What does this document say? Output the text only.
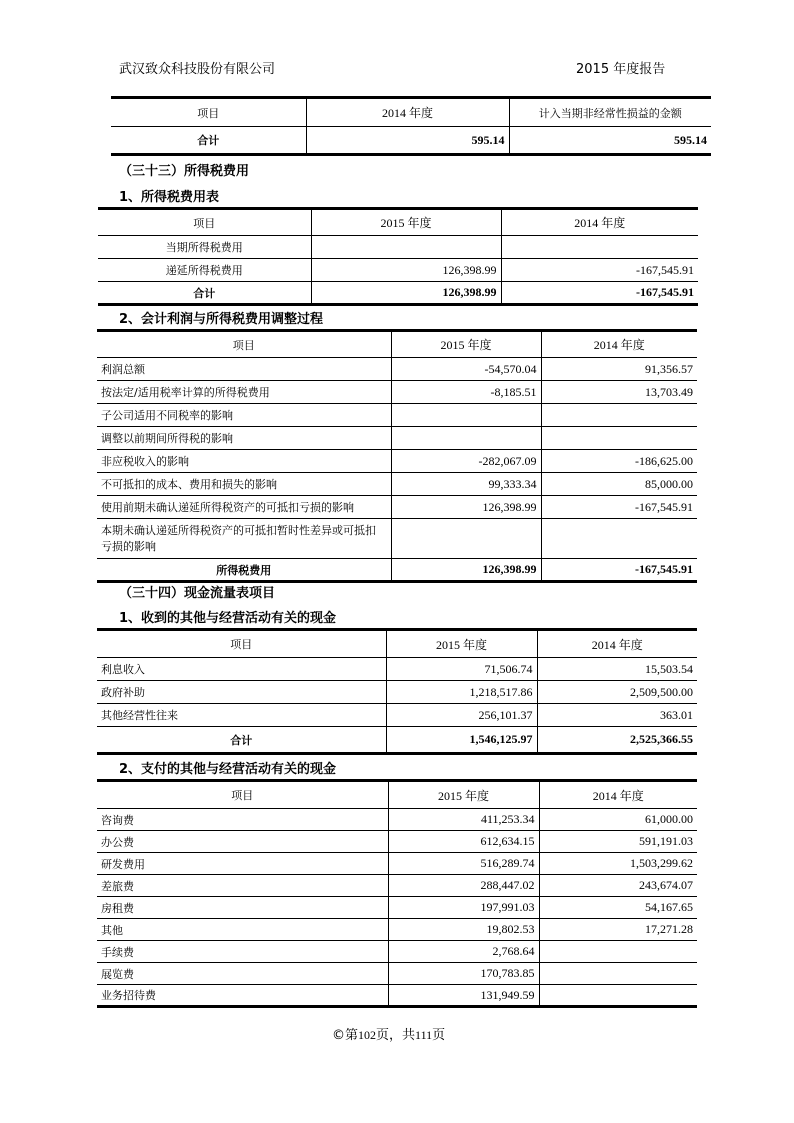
武汉致众科技股份有限公司	2015 年度报告
项目	2014 年度	计入当期非经常性损益的金额
合计	595.14	595.14
（三十三）所得税费用
1、所得税费用表
项目	2015 年度	2014 年度
当期所得税费用		
递延所得税费用	126,398.99	-167,545.91
合计	126,398.99	-167,545.91
2、会计利润与所得税费用调整过程
项目	2015 年度	2014 年度
利润总额	-54,570.04	91,356.57
按法定/适用税率计算的所得税费用	-8,185.51	13,703.49
子公司适用不同税率的影响		
调整以前期间所得税的影响		
非应税收入的影响	-282,067.09	-186,625.00
不可抵扣的成本、费用和损失的影响	99,333.34	85,000.00
使用前期未确认递延所得税资产的可抵扣亏损的影响	126,398.99	-167,545.91
本期未确认递延所得税资产的可抵扣暂时性差异或可抵扣亏损的影响		
所得税费用	126,398.99	-167,545.91
（三十四）现金流量表项目
1、收到的其他与经营活动有关的现金
项目	2015 年度	2014 年度
利息收入	71,506.74	15,503.54
政府补助	1,218,517.86	2,509,500.00
其他经营性往来	256,101.37	363.01
合计	1,546,125.97	2,525,366.55
2、支付的其他与经营活动有关的现金
项目	2015 年度	2014 年度
咨询费	411,253.34	61,000.00
办公费	612,634.15	591,191.03
研发费用	516,289.74	1,503,299.62
差旅费	288,447.02	243,674.07
房租费	197,991.03	54,167.65
其他	19,802.53	17,271.28
手续费	2,768.64	
展览费	170,783.85	
业务招待费	131,949.59	
©第102页，共111页
